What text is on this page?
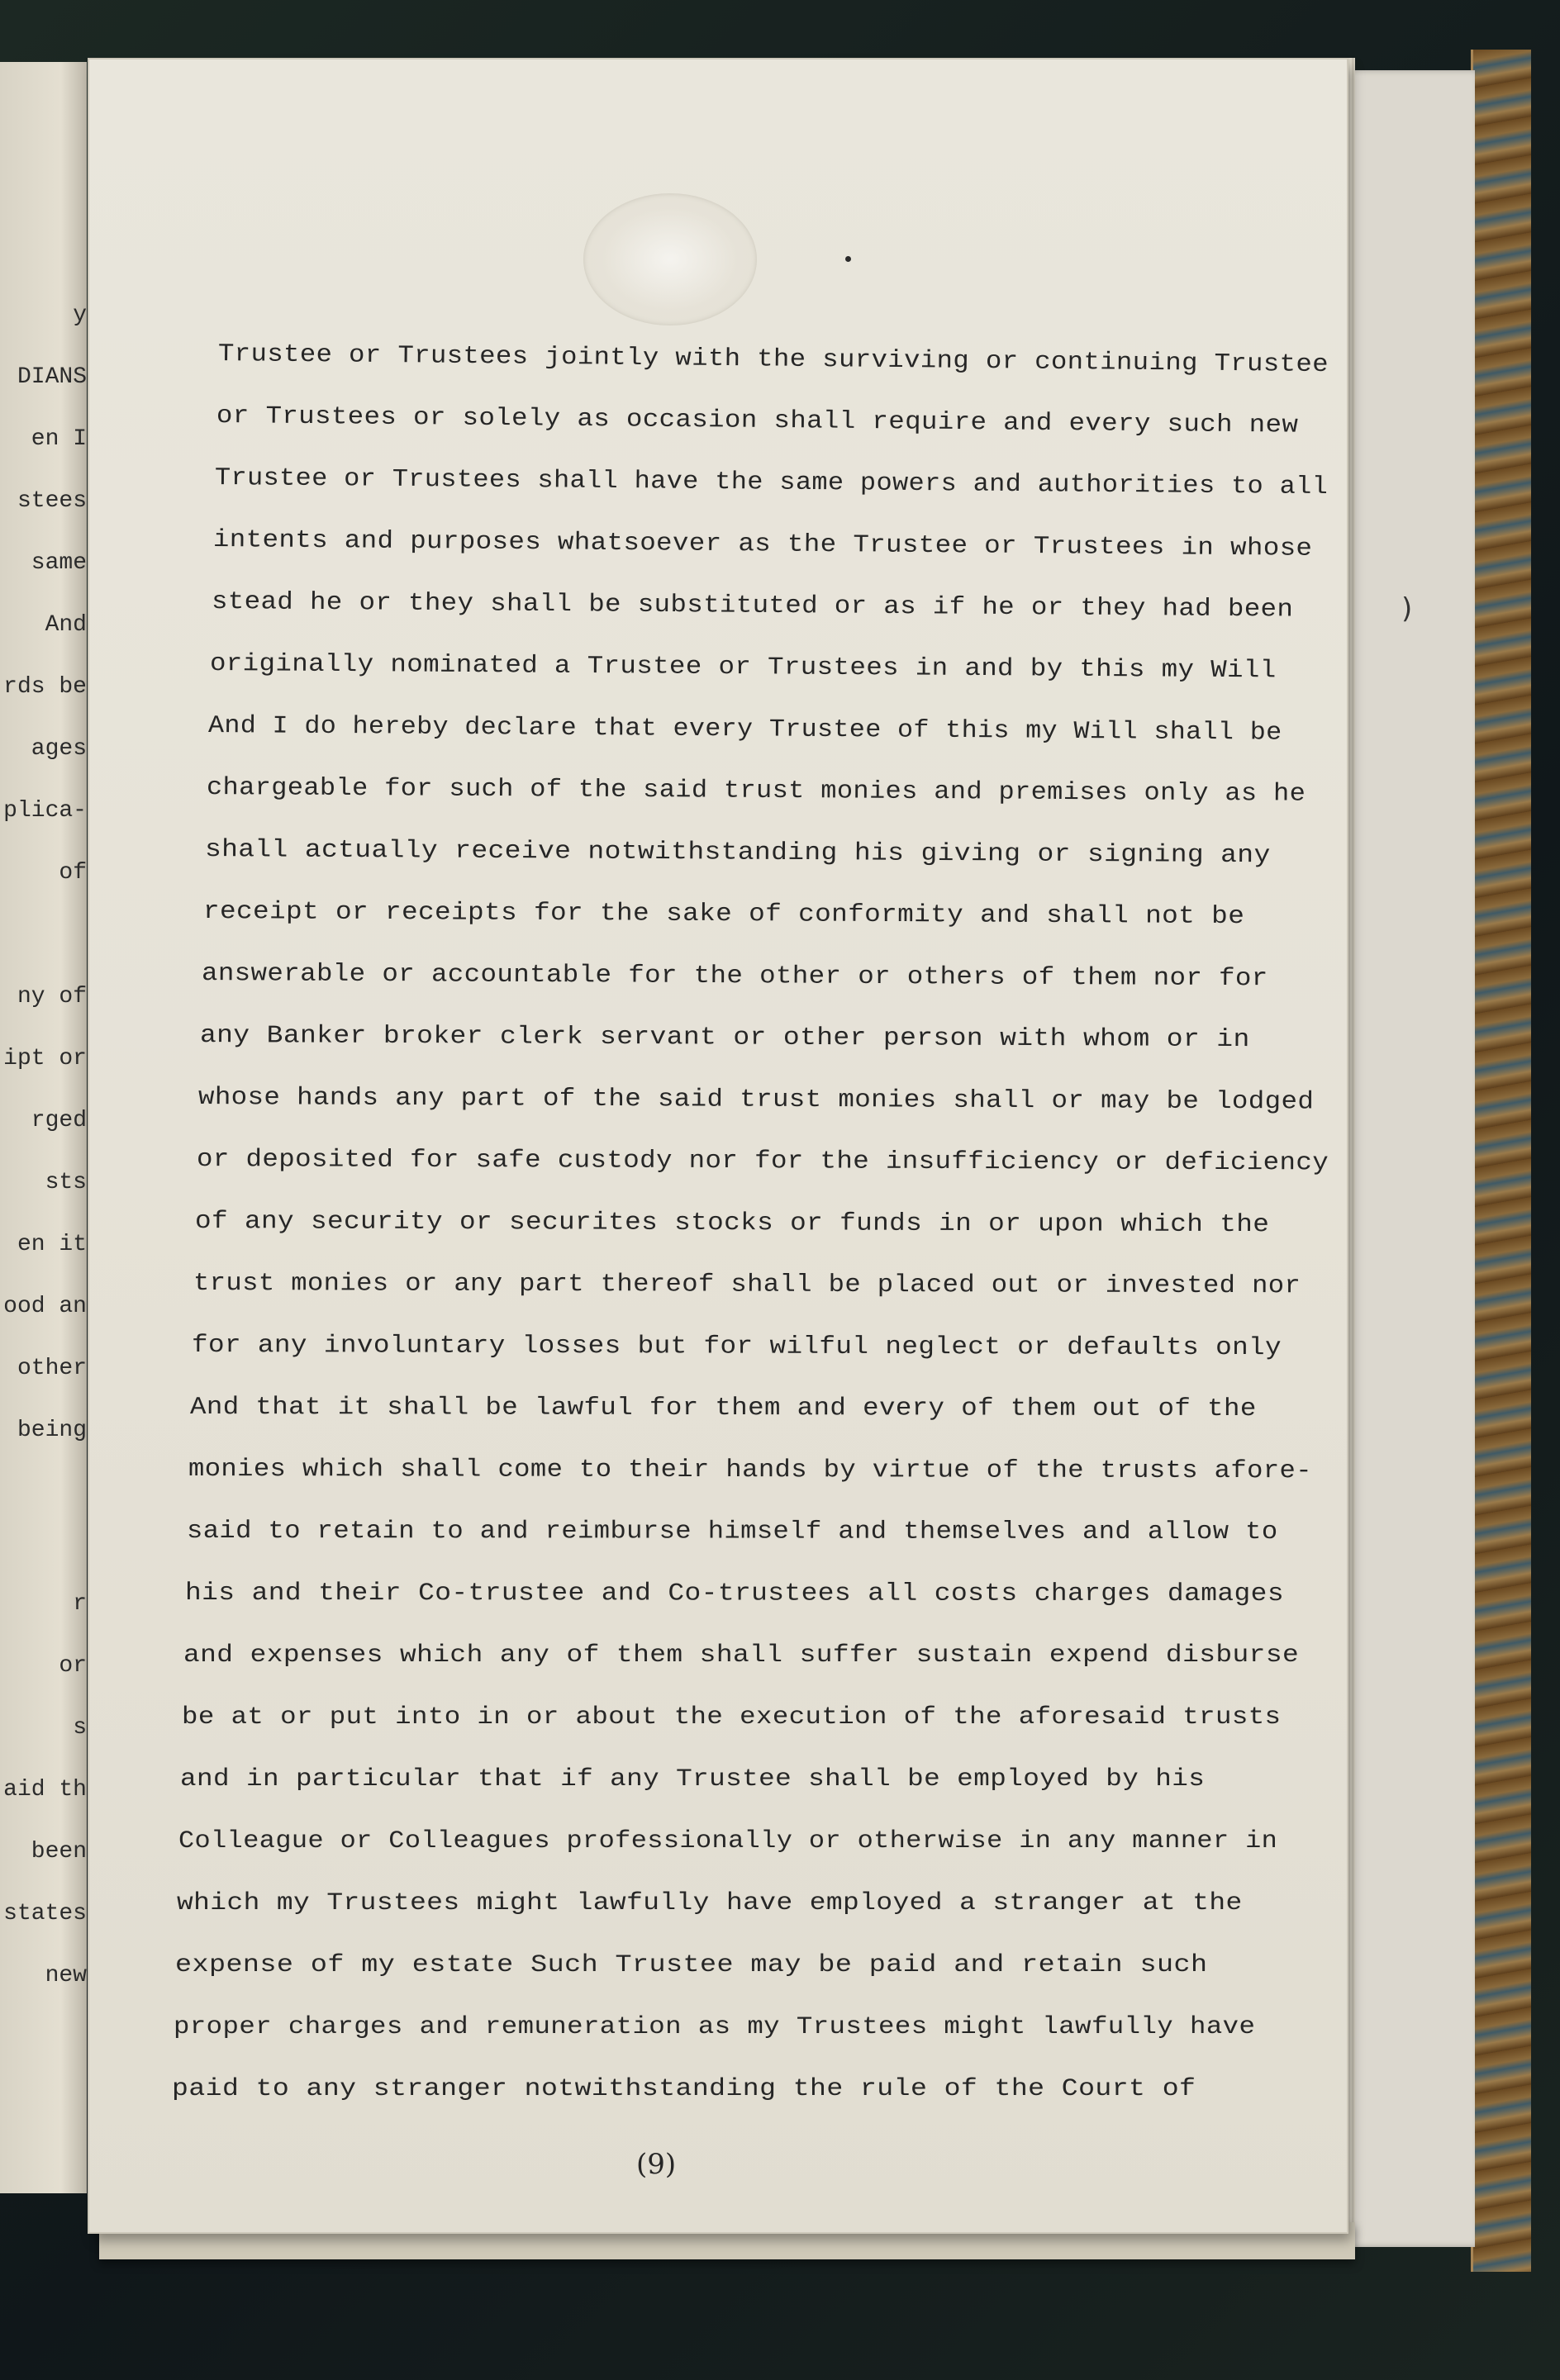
y
DIANS
en I
stees
same
And
rds be
ages
plica-
of
ny of
ipt or
rged
sts
en it
ood an
other
being
r
or
s
aid th
been
states
new
Trustee or Trustees jointly with the surviving or continuing Trustee
or Trustees or solely as occasion shall require and every such new
Trustee or Trustees shall have the same powers and authorities to all
intents and purposes whatsoever as the Trustee or Trustees in whose
stead he or they shall be substituted or as if he or they had been
originally nominated a Trustee or Trustees in and by this my Will
And I do hereby declare that every Trustee of this my Will shall be
chargeable for such of the said trust monies and premises only as he
shall actually receive notwithstanding his giving or signing any
receipt or receipts for the sake of conformity and shall not be
answerable or accountable for the other or others of them nor for
any Banker broker clerk servant or other person with whom or in
whose hands any part of the said trust monies shall or may be lodged
or deposited for safe custody nor for the insufficiency or deficiency
of any security or securites stocks or funds in or upon which the
trust monies or any part thereof shall be placed out or invested nor
for any involuntary losses but for wilful neglect or defaults only
And that it shall be lawful for them and every of them out of the
monies which shall come to their hands by virtue of the trusts afore-
said to retain to and reimburse himself and themselves and allow to
his and their Co-trustee and Co-trustees all costs charges damages
and expenses which any of them shall suffer sustain expend disburse
be at or put into in or about the execution of the aforesaid trusts
and in particular that if any Trustee shall be employed by his
Colleague or Colleagues professionally or otherwise in any manner in
which my Trustees might lawfully have employed a stranger at the
expense of my estate Such Trustee may be paid and retain such
proper charges and remuneration as my Trustees might lawfully have
paid to any stranger notwithstanding the rule of the Court of
)
(9)
